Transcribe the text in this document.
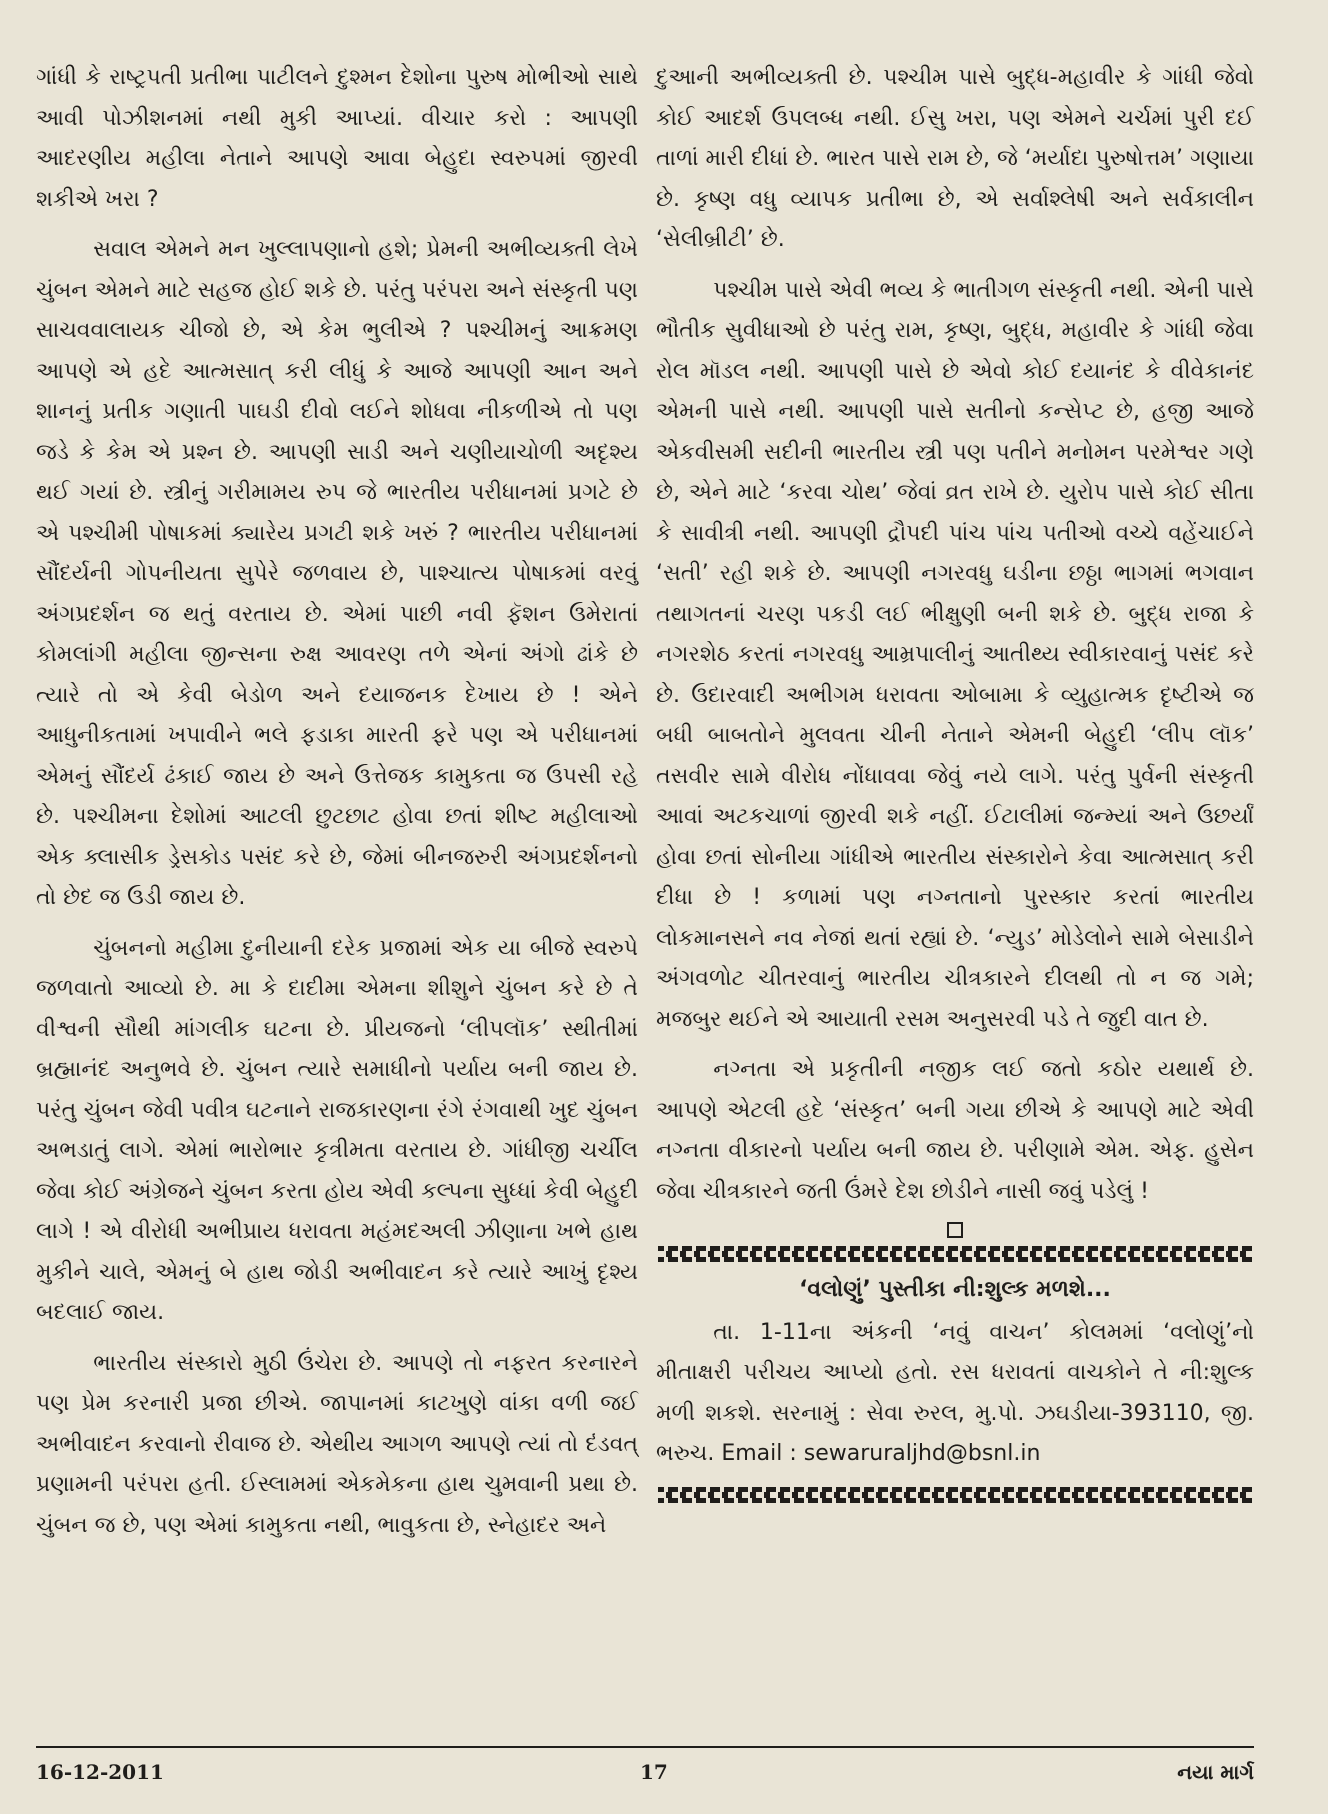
ગાંધી કે રાષ્ટ્રપતી પ્રતીભા પાટીલને દુશ્મન દેશોના પુરુષ મોભીઓ સાથે આવી પોઝીશનમાં નથી મુકી આપ્યાં. વીચાર કરો : આપણી આદરણીય મહીલા નેતાને આપણે આવા બેહુદા સ્વરુપમાં જીરવી શકીએ ખરા ?

સવાલ એમને મન ખુલ્લાપણાનો હશે; પ્રેમની અભીવ્યક્તી લેખે ચુંબન એમને માટે સહજ હોઈ શકે છે. પરંતુ પરંપરા અને સંસ્કૃતી પણ સાચવવાલાયક ચીજો છે, એ કેમ ભુલીએ ? પશ્ચીમનું આક્રમણ આપણે એ હદે આત્મસાત્ કરી લીધું કે આજે આપણી આન અને શાનનું પ્રતીક ગણાતી પાઘડી દીવો લઈને શોધવા નીકળીએ તો પણ જડે કે કેમ એ પ્રશ્ન છે. આપણી સાડી અને ચણીયાચોળી અદૃશ્ય થઈ ગયાં છે. સ્ત્રીનું ગરીમામય રુપ જે ભારતીય પરીધાનમાં પ્રગટે છે એ પશ્ચીમી પોષાકમાં ક્યારેય પ્રગટી શકે ખરું ? ભારતીય પરીધાનમાં સૌંદર્યની ગોપનીયતા સુપેરે જળવાય છે, પાશ્ચાત્ય પોષાકમાં વરવું અંગપ્રદર્શન જ થતું વરતાય છે. એમાં પાછી નવી ફૅશન ઉમેરાતાં કોમલાંગી મહીલા જીન્સના રુક્ષ આવરણ તળે એનાં અંગો ઢાંકે છે ત્યારે તો એ કેવી બેડોળ અને દયાજનક દેખાય છે ! એને આધુનીકતામાં ખપાવીને ભલે ફડાકા મારતી ફરે પણ એ પરીધાનમાં એમનું સૌંદર્ય ઢંકાઈ જાય છે અને ઉત્તેજક કામુકતા જ ઉપસી રહે છે. પશ્ચીમના દેશોમાં આટલી છુટછાટ હોવા છતાં શીષ્ટ મહીલાઓ એક ક્લાસીક ડ્રેસકોડ પસંદ કરે છે, જેમાં બીનજરુરી અંગપ્રદર્શનનો તો છેદ જ ઉડી જાય છે.

ચુંબનનો મહીમા દુનીયાની દરેક પ્રજામાં એક યા બીજે સ્વરુપે જળવાતો આવ્યો છે. મા કે દાદીમા એમના શીશુને ચુંબન કરે છે તે વીશ્વની સૌથી માંગલીક ઘટના છે. પ્રીયજનો ‘લીપલૉક’ સ્થીતીમાં બ્રહ્માનંદ અનુભવે છે. ચુંબન ત્યારે સમાધીનો પર્યાય બની જાય છે. પરંતુ ચુંબન જેવી પવીત્ર ઘટનાને રાજકારણના રંગે રંગવાથી ખુદ ચુંબન અભડાતું લાગે. એમાં ભારોભાર કૃત્રીમતા વરતાય છે. ગાંધીજી ચર્ચીલ જેવા કોઈ અંગ્રેજને ચુંબન કરતા હોય એવી કલ્પના સુધ્ધાં કેવી બેહુદી લાગે ! એ વીરોધી અભીપ્રાય ધરાવતા મહંમદઅલી ઝીણાના ખભે હાથ મુકીને ચાલે, એમનું બે હાથ જોડી અભીવાદન કરે ત્યારે આખું દૃશ્ય બદલાઈ જાય.

ભારતીય સંસ્કારો મુઠી ઉંચેરા છે. આપણે તો નફરત કરનારને પણ પ્રેમ કરનારી પ્રજા છીએ. જાપાનમાં કાટખુણે વાંકા વળી જઈ અભીવાદન કરવાનો રીવાજ છે. એથીય આગળ આપણે ત્યાં તો દંડવત્ પ્રણામની પરંપરા હતી. ઈસ્લામમાં એકમેકના હાથ ચુમવાની પ્રથા છે. ચુંબન જ છે, પણ એમાં કામુકતા નથી, ભાવુકતા છે, સ્નેહાદર અને

દુઆની અભીવ્યક્તી છે. પશ્ચીમ પાસે બુદ્ધ-મહાવીર કે ગાંધી જેવો કોઈ આદર્શ ઉપલબ્ધ નથી. ઈસુ ખરા, પણ એમને ચર્ચમાં પુરી દઈ તાળાં મારી દીધાં છે. ભારત પાસે રામ છે, જે ‘મર્યાદા પુરુષોત્તમ’ ગણાયા છે. કૃષ્ણ વધુ વ્યાપક પ્રતીભા છે, એ સર્વાશ્લેષી અને સર્વકાલીન ‘સેલીબ્રીટી’ છે.

પશ્ચીમ પાસે એવી ભવ્ય કે ભાતીગળ સંસ્કૃતી નથી. એની પાસે ભૌતીક સુવીધાઓ છે પરંતુ રામ, કૃષ્ણ, બુદ્ધ, મહાવીર કે ગાંધી જેવા રોલ મૉડલ નથી. આપણી પાસે છે એવો કોઈ દયાનંદ કે વીવેકાનંદ એમની પાસે નથી. આપણી પાસે સતીનો કન્સેપ્ટ છે, હજી આજે એકવીસમી સદીની ભારતીય સ્ત્રી પણ પતીને મનોમન પરમેશ્વર ગણે છે, એને માટે ‘કરવા ચોથ’ જેવાં વ્રત રાખે છે. યુરોપ પાસે કોઈ સીતા કે સાવીત્રી નથી. આપણી દ્રૌપદી પાંચ પાંચ પતીઓ વચ્ચે વહેંચાઈને ‘સતી’ રહી શકે છે. આપણી નગરવધુ ઘડીના છઠ્ઠા ભાગમાં ભગવાન તથાગતનાં ચરણ પકડી લઈ ભીક્ષુણી બની શકે છે. બુદ્ધ રાજા કે નગરશેઠ કરતાં નગરવધુ આમ્રપાલીનું આતીથ્ય સ્વીકારવાનું પસંદ કરે છે. ઉદારવાદી અભીગમ ધરાવતા ઓબામા કે વ્યુહાત્મક દૃષ્ટીએ જ બધી બાબતોને મુલવતા ચીની નેતાને એમની બેહુદી ‘લીપ લૉક’ તસવીર સામે વીરોધ નોંધાવવા જેવું નયે લાગે. પરંતુ પુર્વની સંસ્કૃતી આવાં અટકચાળાં જીરવી શકે નહીં. ઈટાલીમાં જન્મ્યાં અને ઉછર્યાં હોવા છતાં સોનીયા ગાંધીએ ભારતીય સંસ્કારોને કેવા આત્મસાત્ કરી દીધા છે ! કળામાં પણ નગ્નતાનો પુરસ્કાર કરતાં ભારતીય લોકમાનસને નવ નેજાં થતાં રહ્યાં છે. ‘ન્યુડ’ મોડેલોને સામે બેસાડીને અંગવળોટ ચીતરવાનું ભારતીય ચીત્રકારને દીલથી તો ન જ ગમે; મજબુર થઈને એ આયાતી રસમ અનુસરવી પડે તે જુદી વાત છે.

નગ્નતા એ પ્રકૃતીની નજીક લઈ જતો કઠોર યથાર્થ છે. આપણે એટલી હદે ‘સંસ્કૃત’ બની ગયા છીએ કે આપણે માટે એવી નગ્નતા વીકારનો પર્યાય બની જાય છે. પરીણામે એમ. એફ. હુસેન જેવા ચીત્રકારને જતી ઉંમરે દેશ છોડીને નાસી જવું પડેલું !

‘વલોણું’ પુસ્તીકા ની:શુલ્ક મળશે...

તા. 1-11ના અંકની ‘નવું વાચન’ કોલમમાં ‘વલોણું’નો મીતાક્ષરી પરીચય આપ્યો હતો. રસ ધરાવતાં વાચકોને તે ની:શુલ્ક મળી શકશે. સરનામું : સેવા રુરલ, મુ.પો. ઝઘડીયા-393110, જી. ભરુચ. Email : sewaruraljhd@bsnl.in

16-12-2011	17	નયા માર્ગ
